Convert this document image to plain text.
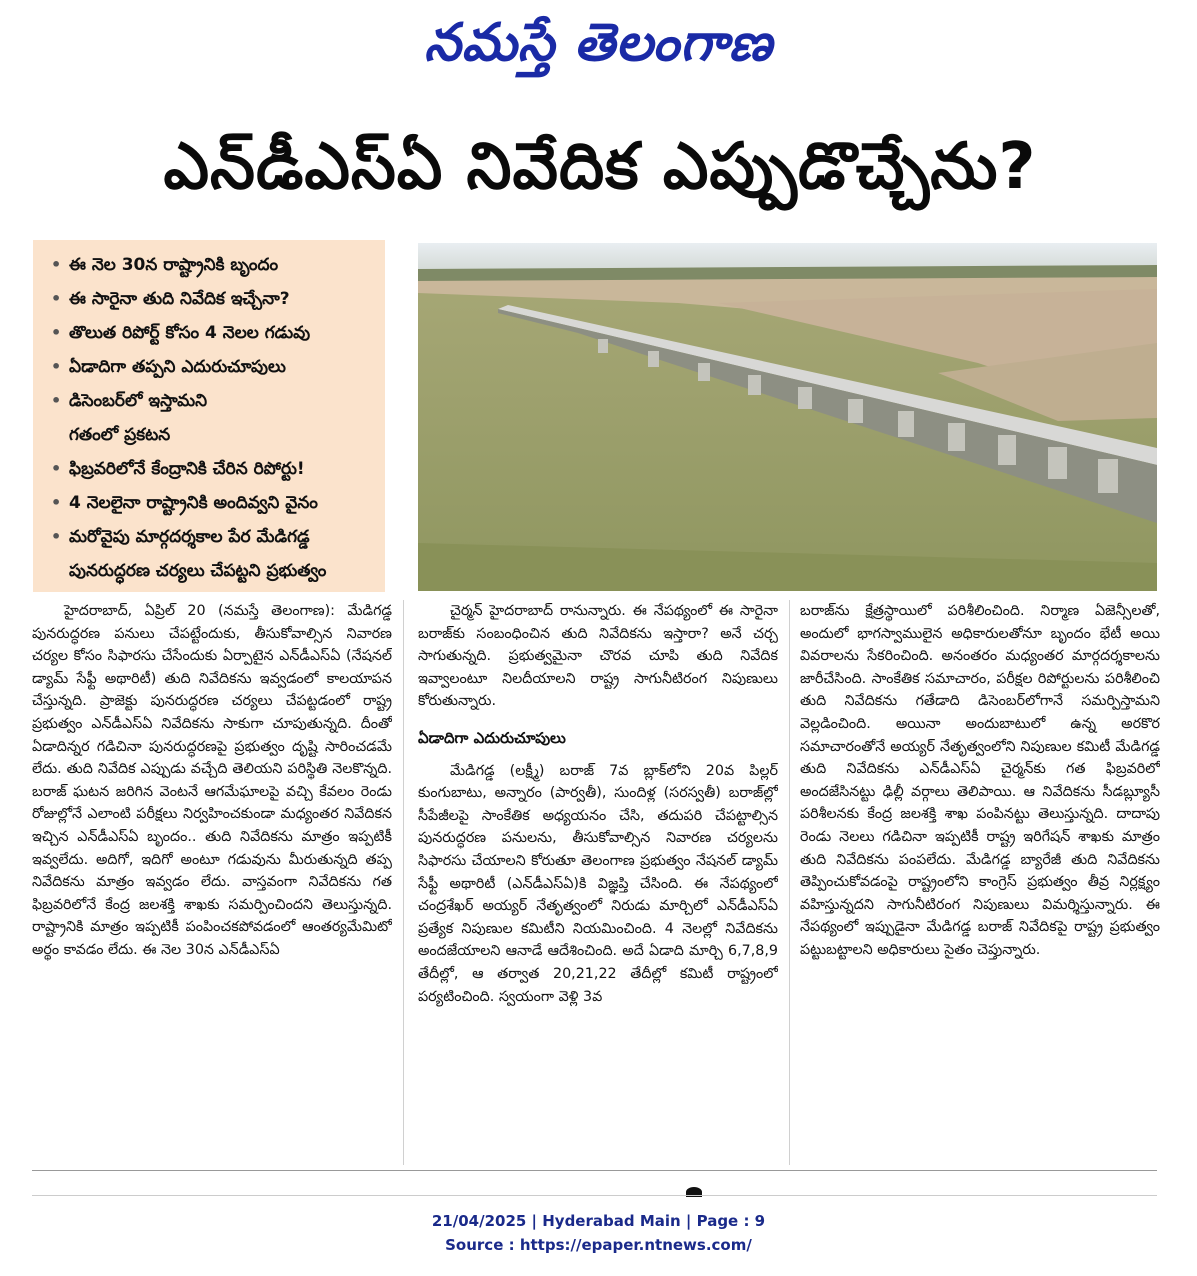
నమస్తే తెలంగాణ
ఎన్‌డీఎస్‌ఏ నివేదిక ఎప్పుడొచ్చేను?
• ఈ నెల 30న రాష్ట్రానికి బృందం
• ఈ సారైనా తుది నివేదిక ఇచ్చేనా?
• తొలుత రిపోర్ట్ కోసం 4 నెలల గడువు
• ఏడాదిగా తప్పని ఎదురుచూపులు
• డిసెంబర్‌లో ఇస్తామని
గతంలో ప్రకటన
• ఫిబ్రవరిలోనే కేంద్రానికి చేరిన రిపోర్టు!
• 4 నెలలైనా రాష్ట్రానికి అందివ్వని వైనం
• మరోవైపు మార్గదర్శకాల పేర మేడిగడ్డ
పునరుద్ధరణ చర్యలు చేపట్టని ప్రభుత్వం

హైదరాబాద్, ఏప్రిల్ 20 (నమస్తే తెలంగాణ): మేడిగడ్డ పునరుద్ధరణ పనులు చేపట్టేందుకు, తీసుకోవాల్సిన నివారణ చర్యల కోసం సిఫారసు చేసేందుకు ఏర్పాటైన ఎన్‌డీఎస్‌ఏ (నేషనల్ డ్యామ్ సేఫ్టీ అథారిటీ) తుది నివేదికను ఇవ్వడంలో కాలయాపన చేస్తున్నది. ప్రాజెక్టు పునరుద్ధరణ చర్యలు చేపట్టడంలో రాష్ట్ర ప్రభుత్వం ఎన్‌డీఎస్‌ఏ నివేదికను సాకుగా చూపుతున్నది. దీంతో ఏడాదిన్నర గడిచినా పునరుద్ధరణపై ప్రభుత్వం దృష్టి సారించడమే లేదు. తుది నివేదిక ఎప్పుడు వచ్చేది తెలియని పరిస్థితి నెలకొన్నది. బరాజ్ ఘటన జరిగిన వెంటనే ఆగమేఘాలపై వచ్చి కేవలం రెండు రోజుల్లోనే ఎలాంటి పరీక్షలు నిర్వహించకుండా మధ్యంతర నివేదికన ఇచ్చిన ఎన్‌డీఎస్‌ఏ బృందం.. తుది నివేదికను మాత్రం ఇప్పటికీ ఇవ్వలేదు. అదిగో, ఇదిగో అంటూ గడువును మీరుతున్నది తప్ప నివేదికను మాత్రం ఇవ్వడం లేదు. వాస్తవంగా నివేదికను గత ఫిబ్రవరిలోనే కేంద్ర జలశక్తి శాఖకు సమర్పించిందని తెలుస్తున్నది. రాష్ట్రానికి మాత్రం ఇప్పటికీ పంపించకపోవడంలో ఆంతర్యమేమిటో అర్థం కావడం లేదు. ఈ నెల 30న ఎన్‌డీఎస్‌ఏ

చైర్మన్ హైదరాబాద్ రానున్నారు. ఈ నేపథ్యంలో ఈ సారైనా బరాజ్‌కు సంబంధించిన తుది నివేదికను ఇస్తారా? అనే చర్చ సాగుతున్నది. ప్రభుత్వమైనా చొరవ చూపి తుది నివేదిక ఇవ్వాలంటూ నిలదీయాలని రాష్ట్ర సాగునీటిరంగ నిపుణులు కోరుతున్నారు.

ఏడాదిగా ఎదురుచూపులు

మేడిగడ్డ (లక్ష్మీ) బరాజ్ 7వ బ్లాక్‌లోని 20వ పిల్లర్ కుంగుబాటు, అన్నారం (పార్వతీ), సుందిళ్ల (సరస్వతీ) బరాజ్‌ల్లో సీపేజీలపై సాంకేతిక అధ్యయనం చేసి, తదుపరి చేపట్టాల్సిన పునరుద్ధరణ పనులను, తీసుకోవాల్సిన నివారణ చర్యలను సిఫారసు చేయాలని కోరుతూ తెలంగాణ ప్రభుత్వం నేషనల్ డ్యామ్ సేఫ్టీ అథారిటీ (ఎన్‌డీఎస్‌ఏ)కి విజ్ఞప్తి చేసింది. ఈ నేపథ్యంలో చంద్రశేఖర్ అయ్యర్ నేతృత్వంలో నిరుడు మార్చిలో ఎన్‌డీఎస్‌ఏ ప్రత్యేక నిపుణుల కమిటీని నియమించింది. 4 నెలల్లో నివేదికను అందజేయాలని ఆనాడే ఆదేశించింది. అదే ఏడాది మార్చి 6,7,8,9 తేదీల్లో, ఆ తర్వాత 20,21,22 తేదీల్లో కమిటీ రాష్ట్రంలో పర్యటించింది. స్వయంగా వెళ్లి 3వ

బరాజ్‌ను క్షేత్రస్థాయిలో పరిశీలించింది. నిర్మాణ ఏజెన్సీలతో, అందులో భాగస్వాములైన అధికారులతోనూ బృందం భేటీ అయి వివరాలను సేకరించింది. అనంతరం మధ్యంతర మార్గదర్శకాలను జారీచేసింది. సాంకేతిక సమాచారం, పరీక్షల రిపోర్టులను పరిశీలించి తుది నివేదికను గతేడాది డిసెంబర్‌లోగానే సమర్పిస్తామని వెల్లడించింది. అయినా అందుబాటులో ఉన్న అరకొర సమాచారంతోనే అయ్యర్ నేతృత్వంలోని నిపుణుల కమిటీ మేడిగడ్డ తుది నివేదికను ఎన్‌డీఎస్‌ఏ చైర్మన్‌కు గత ఫిబ్రవరిలో అందజేసినట్టు ఢిల్లీ వర్గాలు తెలిపాయి. ఆ నివేదికను సీడబ్ల్యూసీ పరిశీలనకు కేంద్ర జలశక్తి శాఖ పంపినట్టు తెలుస్తున్నది. దాదాపు రెండు నెలలు గడిచినా ఇప్పటికీ రాష్ట్ర ఇరిగేషన్ శాఖకు మాత్రం తుది నివేదికను పంపలేదు. మేడిగడ్డ బ్యారేజీ తుది నివేదికను తెప్పించుకోవడంపై రాష్ట్రంలోని కాంగ్రెస్ ప్రభుత్వం తీవ్ర నిర్లక్ష్యం వహిస్తున్నదని సాగునీటిరంగ నిపుణులు విమర్శిస్తున్నారు. ఈ నేపథ్యంలో ఇప్పుడైనా మేడిగడ్డ బరాజ్ నివేదికపై రాష్ట్ర ప్రభుత్వం పట్టుబట్టాలని అధికారులు సైతం చెప్తున్నారు.

21/04/2025 | Hyderabad Main | Page : 9
Source : https://epaper.ntnews.com/
